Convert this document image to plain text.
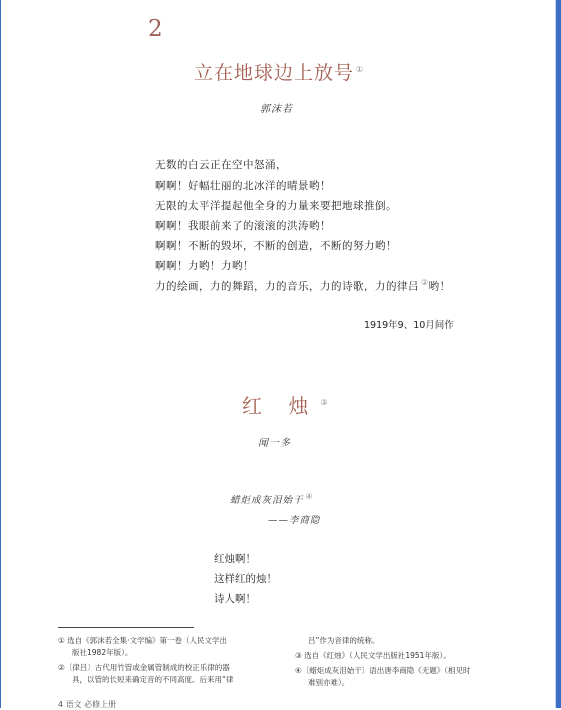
2
立在地球边上放号 ①
郭沫若
无数的白云正在空中怒涌，
啊啊！好幅壮丽的北冰洋的晴景哟！
无限的太平洋提起他全身的力量来要把地球推倒。
啊啊！我眼前来了的滚滚的洪涛哟！
啊啊！不断的毁坏，不断的创造，不断的努力哟！
啊啊！力哟！力哟！
力的绘画，力的舞蹈，力的音乐，力的诗歌，力的律吕 ②哟！
1919年9、10月间作
红 烛 ③
闻一多
蜡炬成灰泪始干 ④
——李商隐
红烛啊！
这样红的烛！
诗人啊！
① 选自《郭沫若全集·文学编》第一卷（人民文学出
版社1982年版）。
②〔律吕〕古代用竹管或金属管制成的校正乐律的器
具，以管的长短来确定音的不同高度。后来用“律
吕”作为音律的统称。
③ 选自《红烛》（人民文学出版社1951年版）。
④〔蜡炬成灰泪始干〕语出唐李商隐《无题》（相见时
难别亦难）。
4 语文 必修上册
